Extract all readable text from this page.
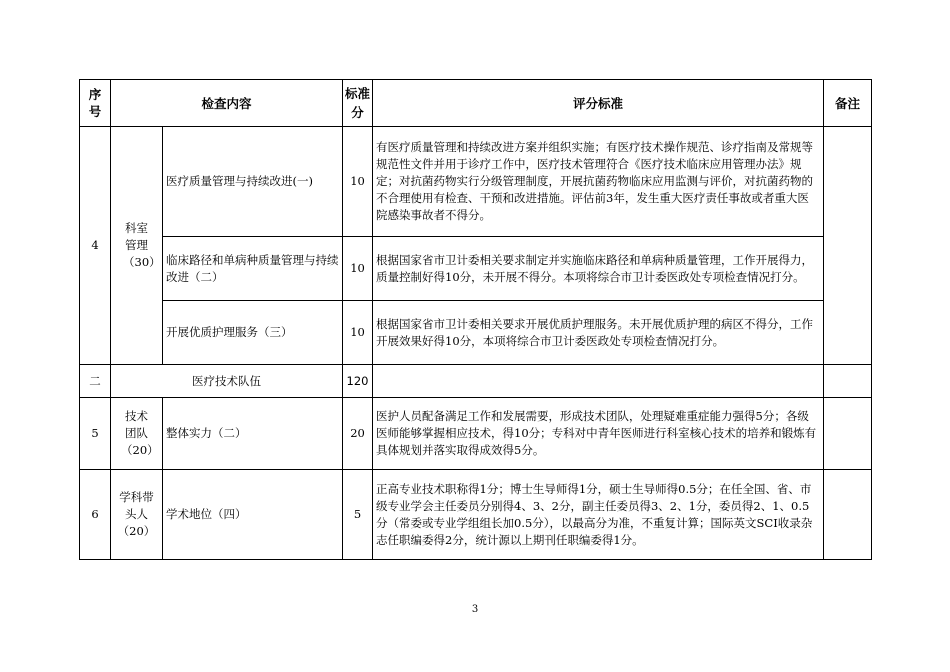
序号	检查内容		标准分	评分标准	备注
4	科室管理（30）	医疗质量管理与持续改进(一)	10	有医疗质量管理和持续改进方案并组织实施；有医疗技术操作规范、诊疗指南及常规等规范性文件并用于诊疗工作中，医疗技术管理符合《医疗技术临床应用管理办法》规定；对抗菌药物实行分级管理制度，开展抗菌药物临床应用监测与评价，对抗菌药物的不合理使用有检查、干预和改进措施。评估前3年，发生重大医疗责任事故或者重大医院感染事故者不得分。	
		临床路径和单病种质量管理与持续改进（二）	10	根据国家省市卫计委相关要求制定并实施临床路径和单病种质量管理，工作开展得力，质量控制好得10分，未开展不得分。本项将综合市卫计委医政处专项检查情况打分。	
		开展优质护理服务（三）	10	根据国家省市卫计委相关要求开展优质护理服务。未开展优质护理的病区不得分，工作开展效果好得10分，本项将综合市卫计委医政处专项检查情况打分。	
二	医疗技术队伍		120		
5	技术团队（20）	整体实力（二）	20	医护人员配备满足工作和发展需要，形成技术团队，处理疑难重症能力强得5分；各级医师能够掌握相应技术，得10分；专科对中青年医师进行科室核心技术的培养和锻炼有具体规划并落实取得成效得5分。	
6	学科带头人（20）	学术地位（四）	5	正高专业技术职称得1分；博士生导师得1分，硕士生导师得0.5分；在任全国、省、市级专业学会主任委员分别得4、3、2分，副主任委员得3、2、1分，委员得2、1、0.5分（常委或专业学组组长加0.5分），以最高分为准，不重复计算；国际英文SCI收录杂志任职编委得2分，统计源以上期刊任职编委得1分。	
3
